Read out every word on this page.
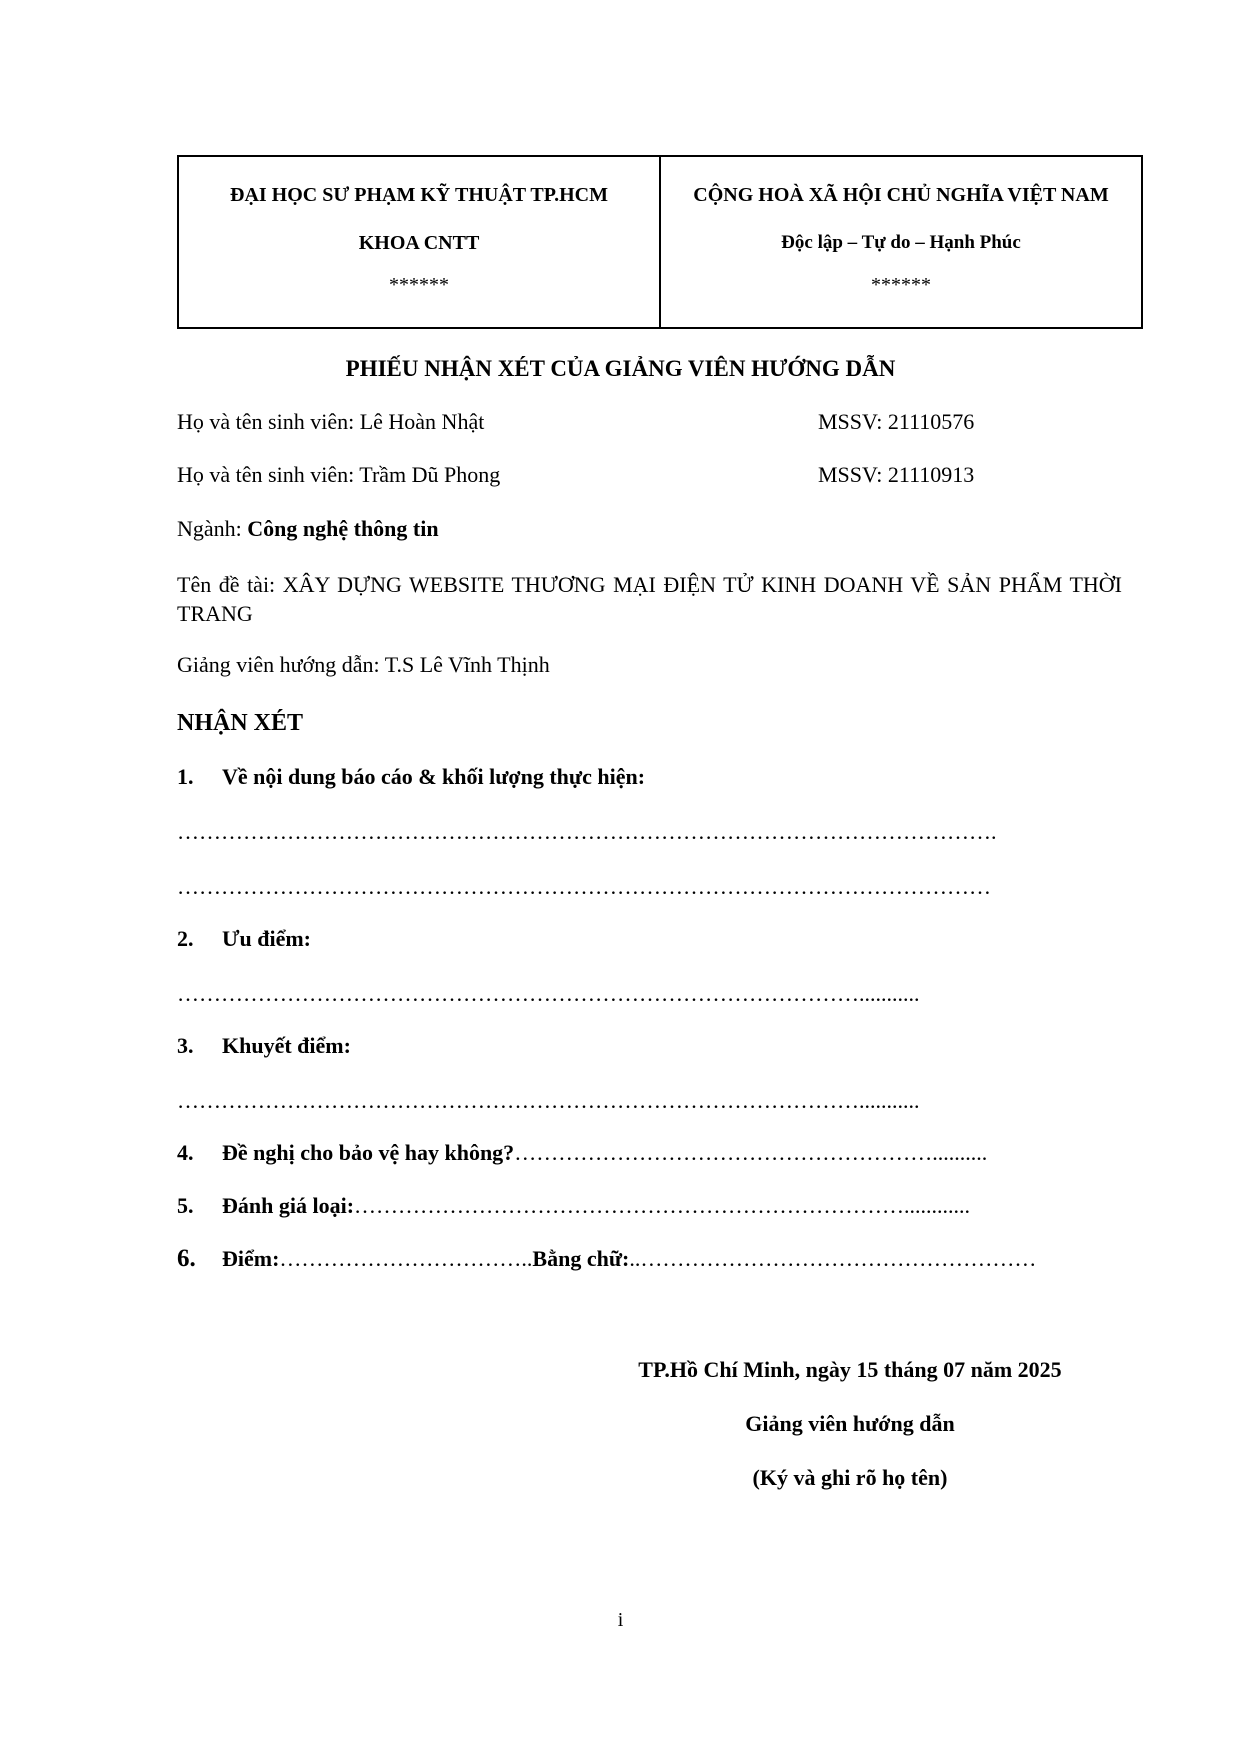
ĐẠI HỌC SƯ PHẠM KỸ THUẬT TP.HCM
KHOA CNTT
******
CỘNG HOÀ XÃ HỘI CHỦ NGHĨA VIỆT NAM
Độc lập – Tự do – Hạnh Phúc
******
PHIẾU NHẬN XÉT CỦA GIẢNG VIÊN HƯỚNG DẪN
Họ và tên sinh viên: Lê Hoàn Nhật	MSSV: 21110576
Họ và tên sinh viên: Trầm Dũ Phong	MSSV: 21110913
Ngành: Công nghệ thông tin
Tên đề tài: XÂY DỰNG WEBSITE THƯƠNG MẠI ĐIỆN TỬ KINH DOANH VỀ SẢN PHẨM THỜI TRANG
Giảng viên hướng dẫn: T.S Lê Vĩnh Thịnh
NHẬN XÉT
1. Về nội dung báo cáo & khối lượng thực hiện:
………………………………………………………………………………………………….
…………………………………………………………………………………………………
2. Ưu điểm:
…………………………………………………………………………………...........
3. Khuyết điểm:
…………………………………………………………………………………...........
4. Đề nghị cho bảo vệ hay không?…………………………………………………..........
5. Đánh giá loại:…………………………………………………………………............
6. Điểm:……………………………..Bằng chữ:..………………………………………………
TP.Hồ Chí Minh, ngày 15 tháng 07 năm 2025
Giảng viên hướng dẫn
(Ký và ghi rõ họ tên)
i
